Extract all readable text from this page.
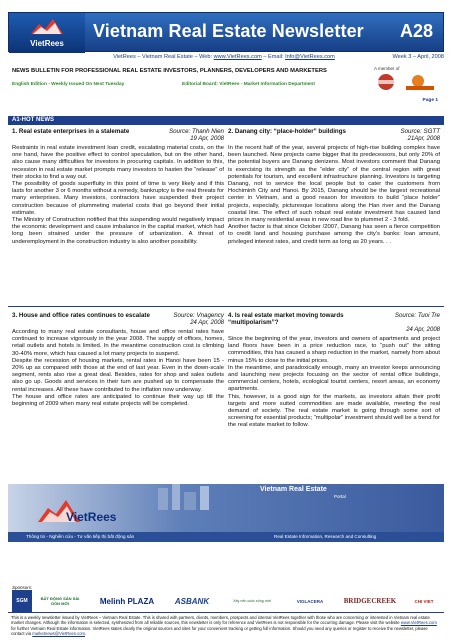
VietRees
Vietnam Real Estate Newsletter A28
VietRees – Vietnam Real Estate – Web: www.VietRees.com – Email: Info@VietRees.com	Week 3 – April, 2008
A member of
NEWS BULLETIN FOR PROFESSIONAL REAL ESTATE INVESTORS, PLANNERS, DEVELOPERS AND MARKETERS
English Edition - Weekly Issued On Next Tuesday	Editorial Board: VietRees - Market Information Department
Page 1
A1-HOT NEWS
1. Real estate enterprises in a stalemate	Source: Thanh Nien
19 Apr, 2008

Restraints in real estate investment loan credit, escalating material costs, on the one hand, have the positive effect to control speculation, but on the other hand, also cause many difficulties for investors in procuring capitals. In addition to this, recession in real estate market prompts many investors to hasten the “release” of their stocks to find a way out.

The possibility of goods superfluity in this point of time is very likely and if this lasts for another 3 or 6 months without a remedy, bankruptcy is the real threats for many enterprises. Many investors, contractors have suspended their project construction because of plummeting material costs that go beyond their initial estimate.

The Ministry of Construction notified that this suspending would negatively impact the economic development and cause imbalance in the capital market, which had long been strained under the pressure of urbanization. A threat of underemployment in the construction industry is also another possibility.

2. Danang city: “place-holder” buildings	Source: SGTT
21Apr, 2008

In the recent half of the year, several projects of high-rise building complex have been launched. New projects came bigger that its predecessors, but only 20% of the potential buyers are Danang denizens. Most investors comment that Danang is exercising its strength as the “elder city” of the central region with great potentials for tourism, and excellent infrastructure planning. Investors is targeting Danang, not to service the local people but to cater the customers from Hochiminh City and Hanoi. By 2015, Danang should be the largest recreational center in Vietnam, and a good reason for investors to build “place holder” projects, especially, picturesque locations along the Han river and the Danang coastal line. The effect of such robust real estate investment has caused land prices in many residential areas in new road line to plummet 2 - 3 fold.

Another factor is that since October /2007, Danang has seen a fierce competition to credit land and housing purchase among the city’s banks: loan amount, privileged interest rates, and credit term as long as 20 years. . .

3. House and office rates continues to escalate	Source: Vnagency
24 Apr, 2008

According to many real estate consultants, house and office rental rates have continued to increase vigorously in the year 2008. The supply of offices, homes, retail outlets and hotels is limited. In the meantime construction cost is climbing 30-40% more, which has caused a lot many projects to suspend.

Despite the recession of housing markets, rental rates in Hanoi have been 15 - 20% up as compared with those at the end of last year. Even in the down-scale segment, rents also rise a great deal. Besides, rates for shop and sales outlets also go up. Goods and services in their turn are pushed up to compensate the rental increases. All these have contributed to the inflation now underway.

The house and office rates are anticipated to continue their way up till the beginning of 2009 when many real estate projects will be completed.

4. Is real estate market moving towards “multipolarism”?
Source: Tuoi Tre
24 Apr, 2008

Since the beginning of the year, investors and owners of apartments and project land floors have been in a price reduction race, to “push out” the sitting commodities, this has caused a sharp reduction in the market, namely from about minus 15% to close to the initial prices.

In the meantime, and paradoxically enough, many an investor keeps announcing and launching new projects focusing on the sector of rental office buildings, commercial centers, hotels, ecological tourist centers, resort areas, an economy apartments.

This, however, is a good sign for the markets, as investors attain their profit targets and more suited commodities are made available, meeting the real demand of society. The real estate market is going through some sort of screening for essential products; “multipolar” investment should well be a trend for the real estate market to follow.

Vietnam Real Estate
Portal
VietRees
Thông tin - Nghiên cứu - Tư vấn tiếp thị bất động sản	Real Estate Information, Research and Consulting
Sponsors:
SGM	BẤT ĐỘNG SẢN SÀI GÒN MỚI	Melinh PLAZA	ASBANK	Xây nên cuộc sống mới	VIGLACERA	BRIDGECREEK	CHI VIET
This is a weekly newsletter issued by VietRees – Vietnam Real Estate. This is shared with partners, clients, members, prospects and internal VietRees together with those who are concerning or interested in Vietnam real estate market changes. Although the information is selected, synthesized from all reliable sources, this newsletter is only for reference and VietRees is not responsible for the occurring damage. Please visit the website www.VietRees.com for further Vietnam Real Estate information. VietRees states clearly the original sources and sites for your convenient tracking or getting full information. Should you need any queries or register to receive the newsletter, please contact via marketnews@VietRees.com.
